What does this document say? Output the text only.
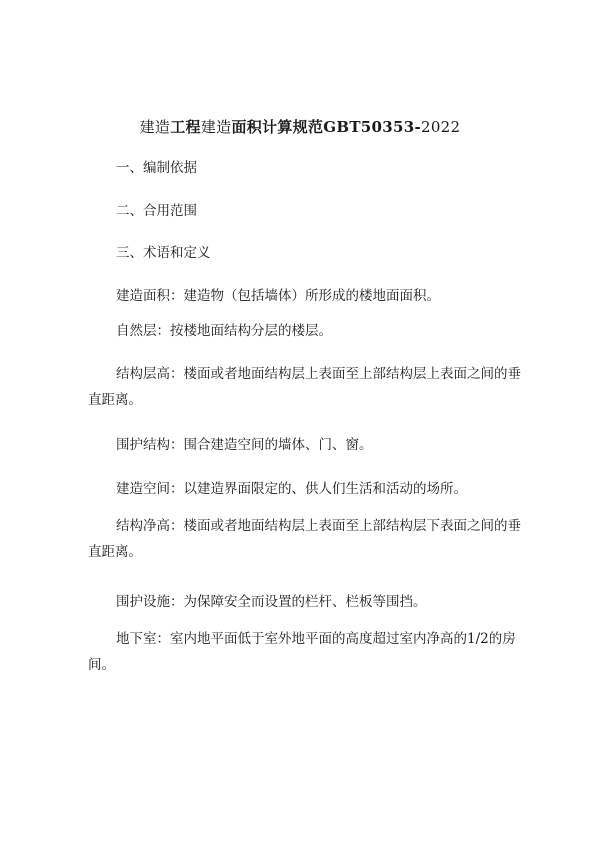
建造工程建造面积计算规范GBT50353-2022

一、编制依据

二、合用范围

三、术语和定义

建造面积：建造物（包括墙体）所形成的楼地面面积。

自然层：按楼地面结构分层的楼层。

结构层高：楼面或者地面结构层上表面至上部结构层上表面之间的垂直距离。

围护结构：围合建造空间的墙体、门、窗。

建造空间：以建造界面限定的、供人们生活和活动的场所。

结构净高：楼面或者地面结构层上表面至上部结构层下表面之间的垂直距离。

围护设施：为保障安全而设置的栏杆、栏板等围挡。

地下室：室内地平面低于室外地平面的高度超过室内净高的1/2的房间。
